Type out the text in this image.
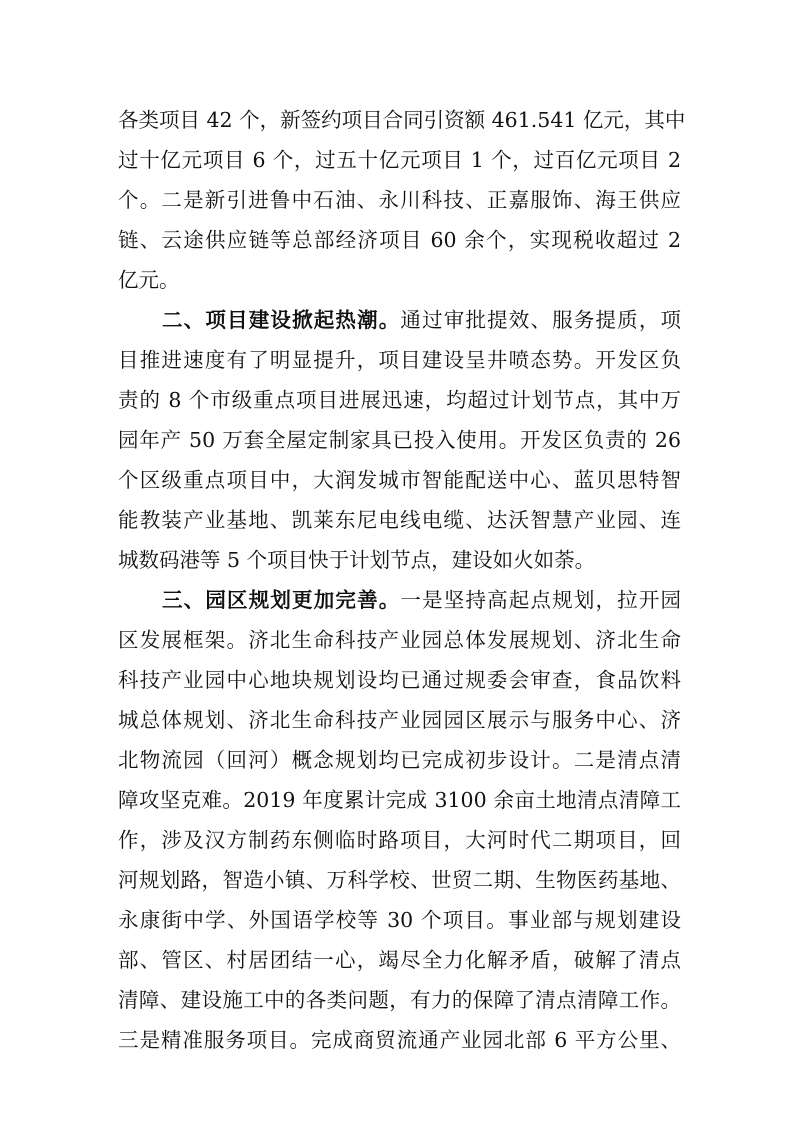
各类项目 42 个，新签约项目合同引资额 461.541 亿元，其中
过十亿元项目 6 个，过五十亿元项目 1 个，过百亿元项目 2
个。二是新引进鲁中石油、永川科技、正嘉服饰、海王供应
链、云途供应链等总部经济项目 60 余个，实现税收超过 2
亿元。
二、项目建设掀起热潮。通过审批提效、服务提质，项
目推进速度有了明显提升，项目建设呈井喷态势。开发区负
责的 8 个市级重点项目进展迅速，均超过计划节点，其中万
园年产 50 万套全屋定制家具已投入使用。开发区负责的 26
个区级重点项目中，大润发城市智能配送中心、蓝贝思特智
能教装产业基地、凯莱东尼电线电缆、达沃智慧产业园、连
城数码港等 5 个项目快于计划节点，建设如火如荼。
三、园区规划更加完善。一是坚持高起点规划，拉开园
区发展框架。济北生命科技产业园总体发展规划、济北生命
科技产业园中心地块规划设均已通过规委会审查，食品饮料
城总体规划、济北生命科技产业园园区展示与服务中心、济
北物流园（回河）概念规划均已完成初步设计。二是清点清
障攻坚克难。2019 年度累计完成 3100 余亩土地清点清障工
作，涉及汉方制药东侧临时路项目，大河时代二期项目，回
河规划路，智造小镇、万科学校、世贸二期、生物医药基地、
永康街中学、外国语学校等 30 个项目。事业部与规划建设
部、管区、村居团结一心，竭尽全力化解矛盾，破解了清点
清障、建设施工中的各类问题，有力的保障了清点清障工作。
三是精准服务项目。完成商贸流通产业园北部 6 平方公里、
